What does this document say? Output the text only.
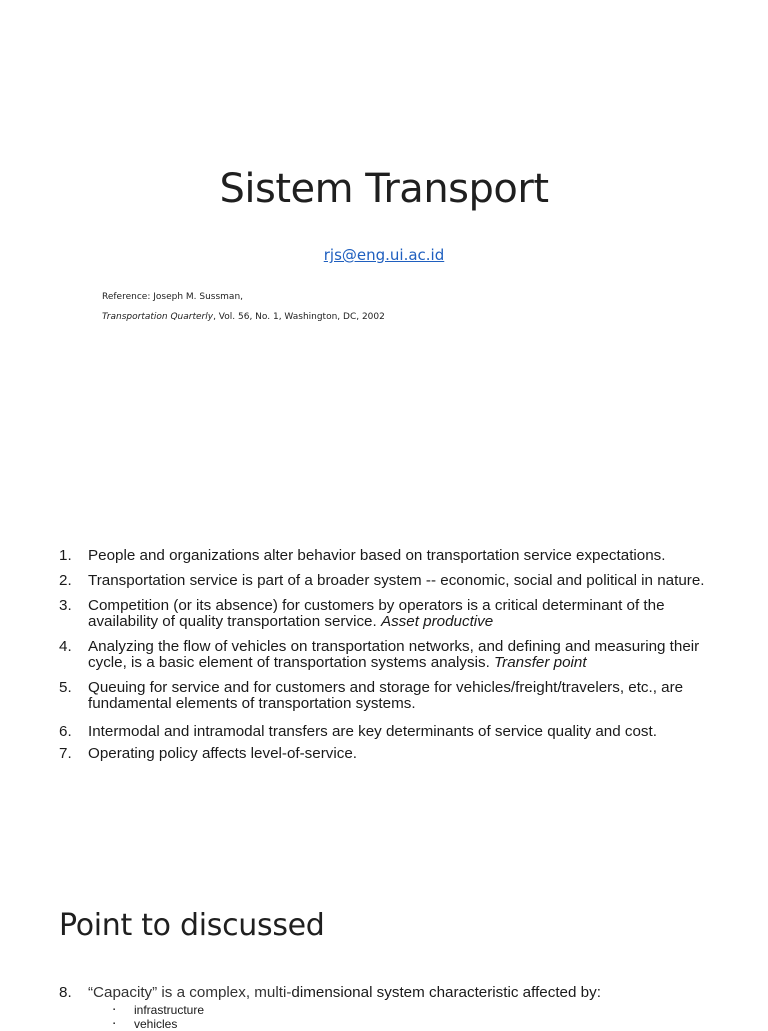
Sistem Transport
rjs@eng.ui.ac.id
Reference: Joseph M. Sussman,
Transportation Quarterly, Vol. 56, No. 1, Washington, DC, 2002
Point to discussed
1. People and organizations alter behavior based on transportation service expectations.
2. Transportation service is part of a broader system -- economic, social and political in nature.
3. Competition (or its absence) for customers by operators is a critical determinant of the availability of quality transportation service. Asset productive
4. Analyzing the flow of vehicles on transportation networks, and defining and measuring their cycle, is a basic element of transportation systems analysis. Transfer point
5. Queuing for service and for customers and storage for vehicles/freight/travelers, etc., are fundamental elements of transportation systems.
6. Intermodal and intramodal transfers are key determinants of service quality and cost.
7. Operating policy affects level-of-service.
8. “Capacity” is a complex, multi-dimensional system characteristic affected by:
▪ infrastructure
▪ vehicles
